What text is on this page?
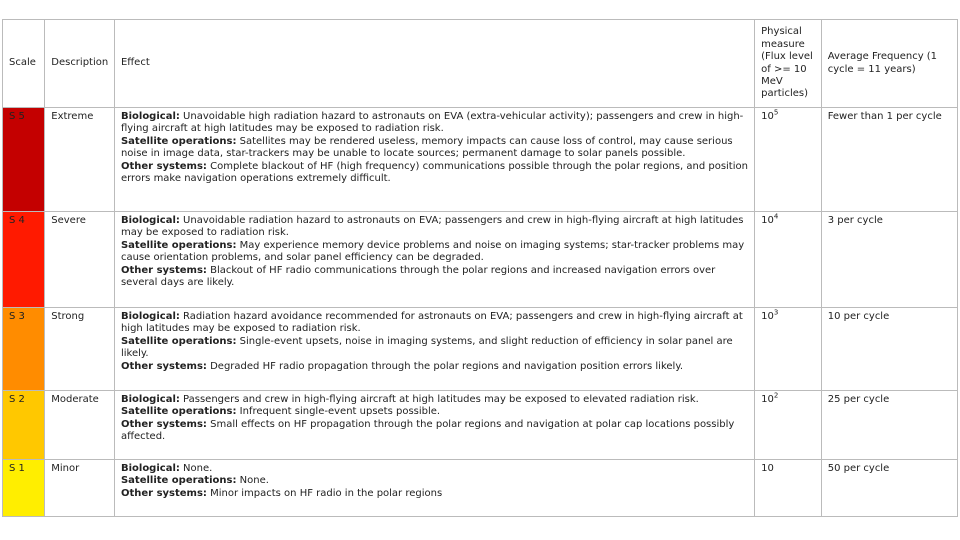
Scale	Description	Effect	Physical measure (Flux level of >= 10 MeV particles)	Average Frequency (1 cycle = 11 years)
S 5	Extreme	Biological: Unavoidable high radiation hazard to astronauts on EVA (extra-vehicular activity); passengers and crew in high-flying aircraft at high latitudes may be exposed to radiation risk.

Satellite operations: Satellites may be rendered useless, memory impacts can cause loss of control, may cause serious noise in image data, star-trackers may be unable to locate sources; permanent damage to solar panels possible.

Other systems: Complete blackout of HF (high frequency) communications possible through the polar regions, and position errors make navigation operations extremely difficult.	$10^5$	Fewer than 1 per cycle
S 4	Severe	Biological: Unavoidable radiation hazard to astronauts on EVA; passengers and crew in high-flying aircraft at high latitudes may be exposed to radiation risk.

Satellite operations: May experience memory device problems and noise on imaging systems; star-tracker problems may cause orientation problems, and solar panel efficiency can be degraded.

Other systems: Blackout of HF radio communications through the polar regions and increased navigation errors over several days are likely.	$10^4$	3 per cycle
S 3	Strong	Biological: Radiation hazard avoidance recommended for astronauts on EVA; passengers and crew in high-flying aircraft at high latitudes may be exposed to radiation risk.

Satellite operations: Single-event upsets, noise in imaging systems, and slight reduction of efficiency in solar panel are likely.

Other systems: Degraded HF radio propagation through the polar regions and navigation position errors likely.	$10^3$	10 per cycle
S 2	Moderate	Biological: Passengers and crew in high-flying aircraft at high latitudes may be exposed to elevated radiation risk.

Satellite operations: Infrequent single-event upsets possible.

Other systems: Small effects on HF propagation through the polar regions and navigation at polar cap locations possibly affected.	$10^2$	25 per cycle
S 1	Minor	Biological: None.

Satellite operations: None.

Other systems: Minor impacts on HF radio in the polar regions	10	50 per cycle
